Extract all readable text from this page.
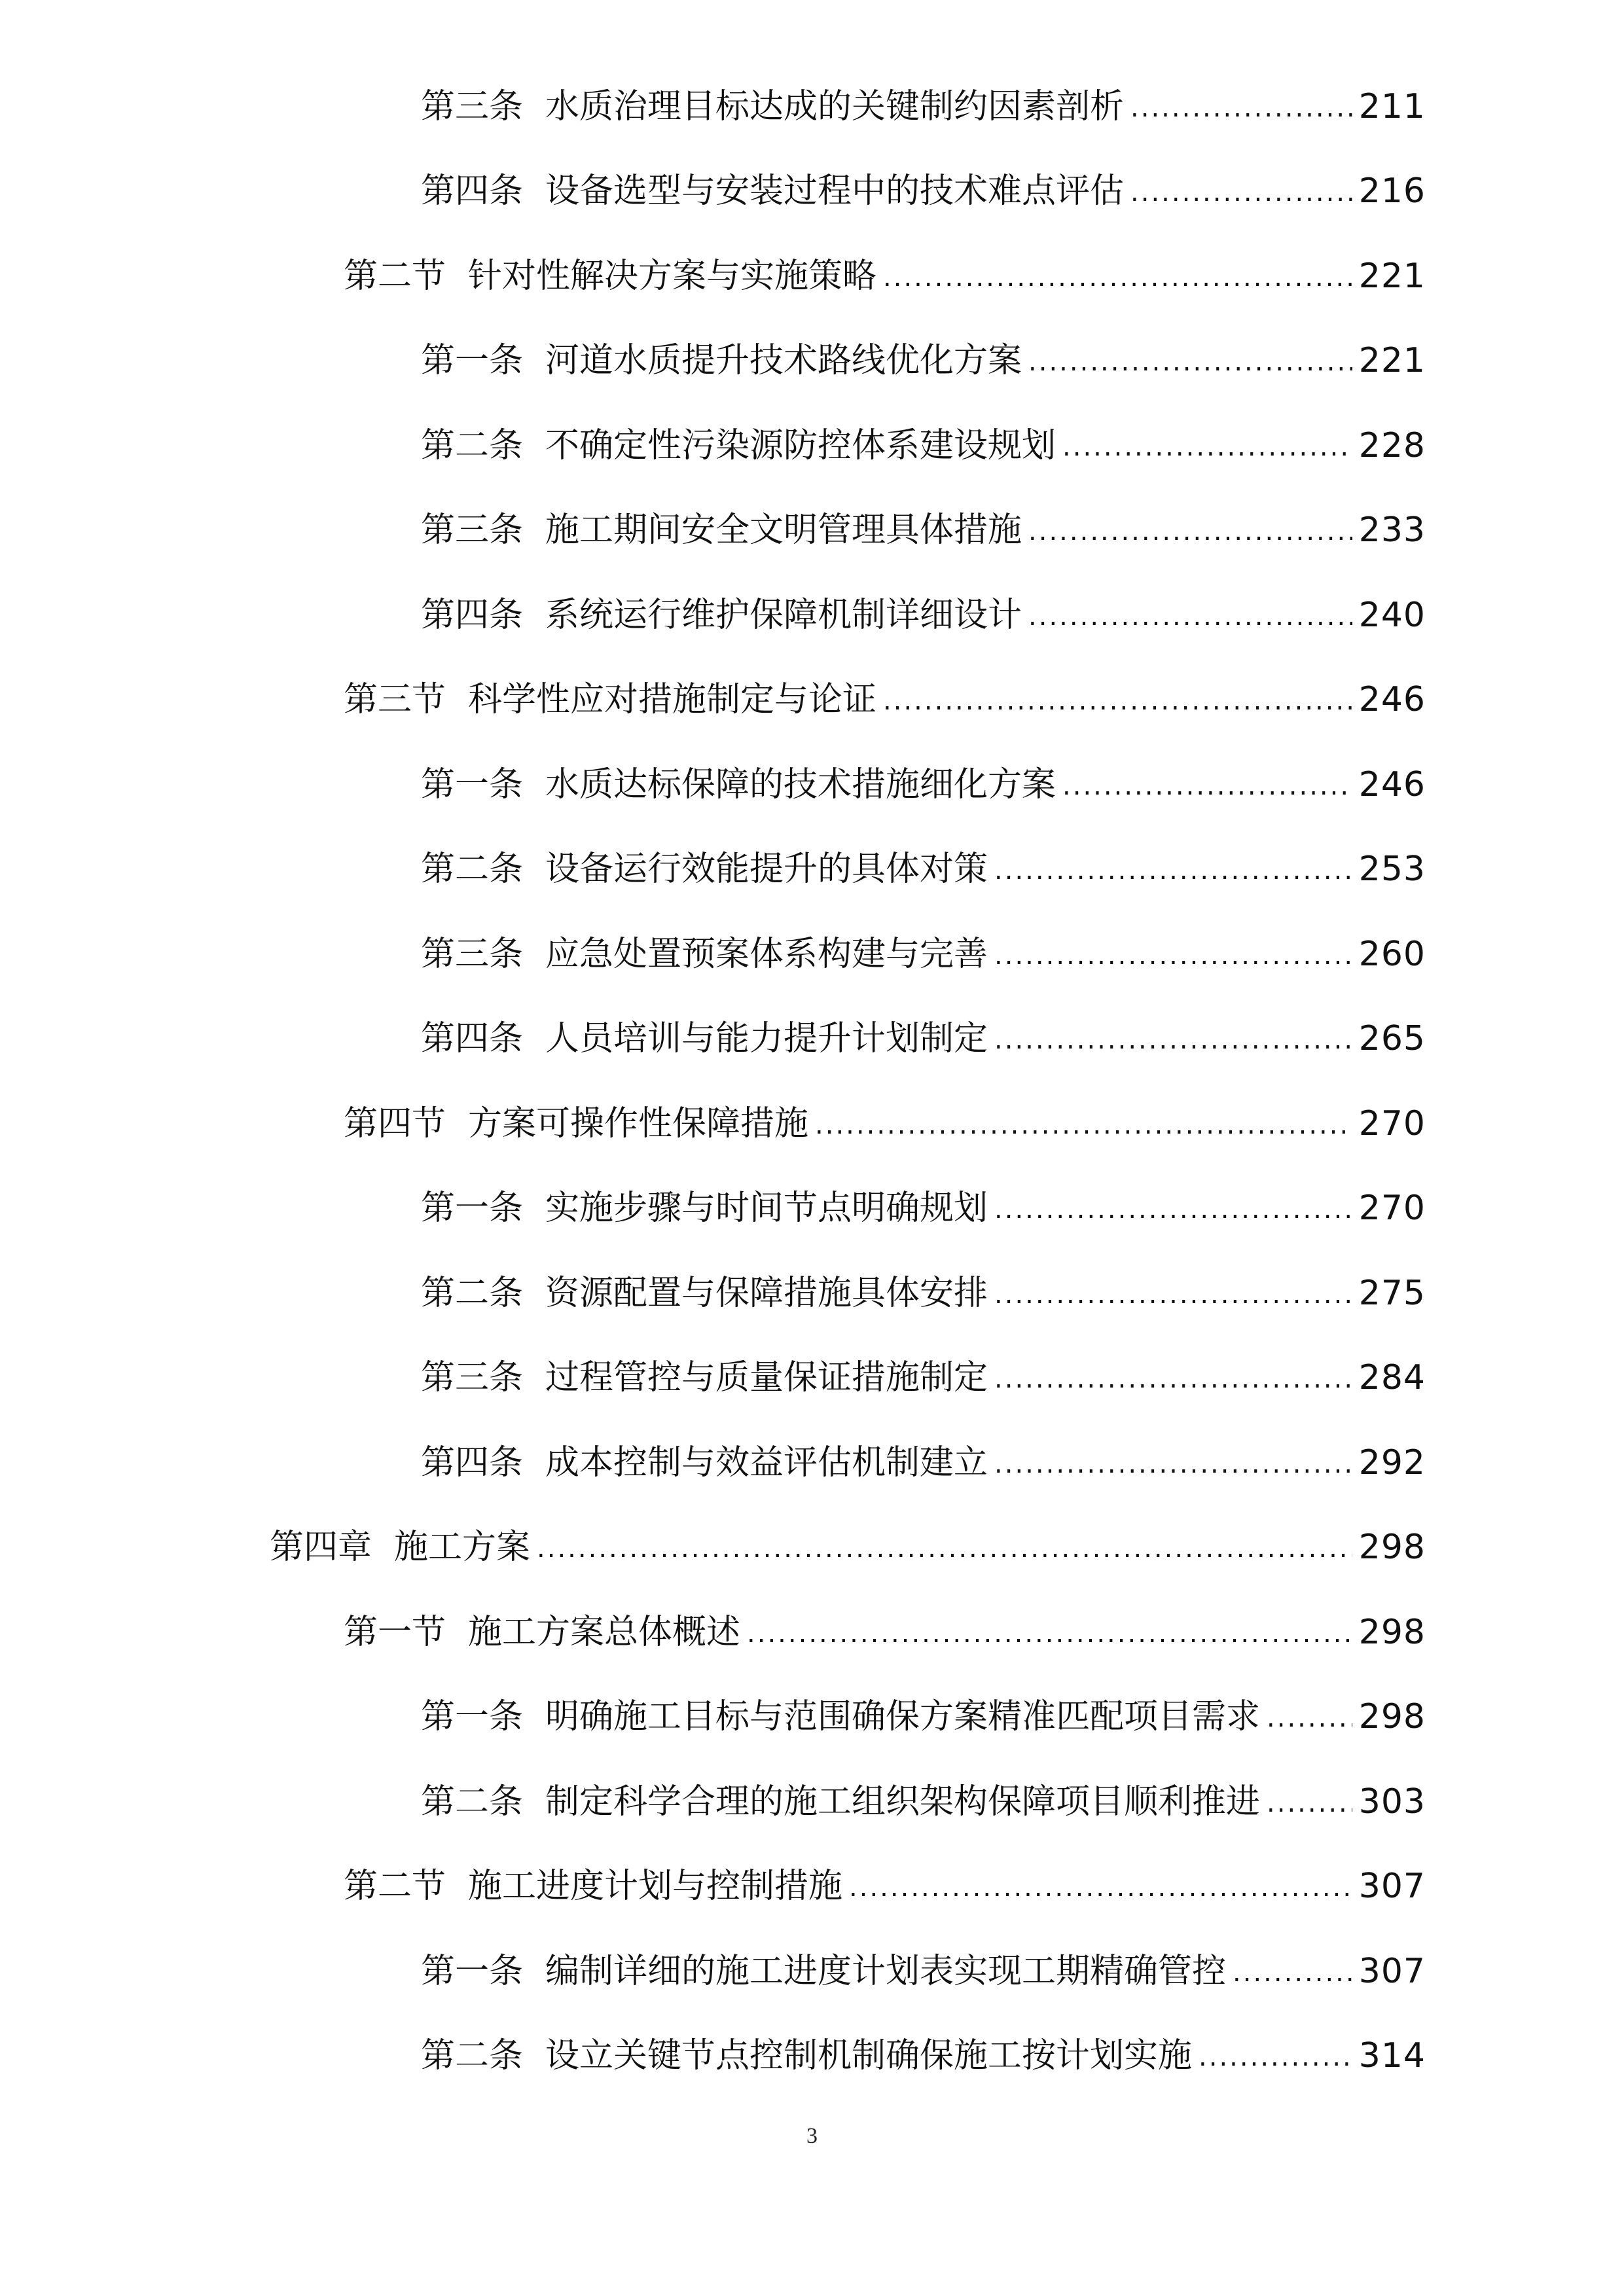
第三条 水质治理目标达成的关键制约因素剖析 .....	211
第四条 设备选型与安装过程中的技术难点评估 .....	216
第二节 针对性解决方案与实施策略 .....	221
第一条 河道水质提升技术路线优化方案 .....	221
第二条 不确定性污染源防控体系建设规划 .....	228
第三条 施工期间安全文明管理具体措施 .....	233
第四条 系统运行维护保障机制详细设计 .....	240
第三节 科学性应对措施制定与论证 .....	246
第一条 水质达标保障的技术措施细化方案 .....	246
第二条 设备运行效能提升的具体对策 .....	253
第三条 应急处置预案体系构建与完善 .....	260
第四条 人员培训与能力提升计划制定 .....	265
第四节 方案可操作性保障措施 .....	270
第一条 实施步骤与时间节点明确规划 .....	270
第二条 资源配置与保障措施具体安排 .....	275
第三条 过程管控与质量保证措施制定 .....	284
第四条 成本控制与效益评估机制建立 .....	292
第四章 施工方案 .....	298
第一节 施工方案总体概述 .....	298
第一条 明确施工目标与范围确保方案精准匹配项目需求 .....	298
第二条 制定科学合理的施工组织架构保障项目顺利推进 .....	303
第二节 施工进度计划与控制措施 .....	307
第一条 编制详细的施工进度计划表实现工期精确管控 .....	307
第二条 设立关键节点控制机制确保施工按计划实施 .....	314
3
